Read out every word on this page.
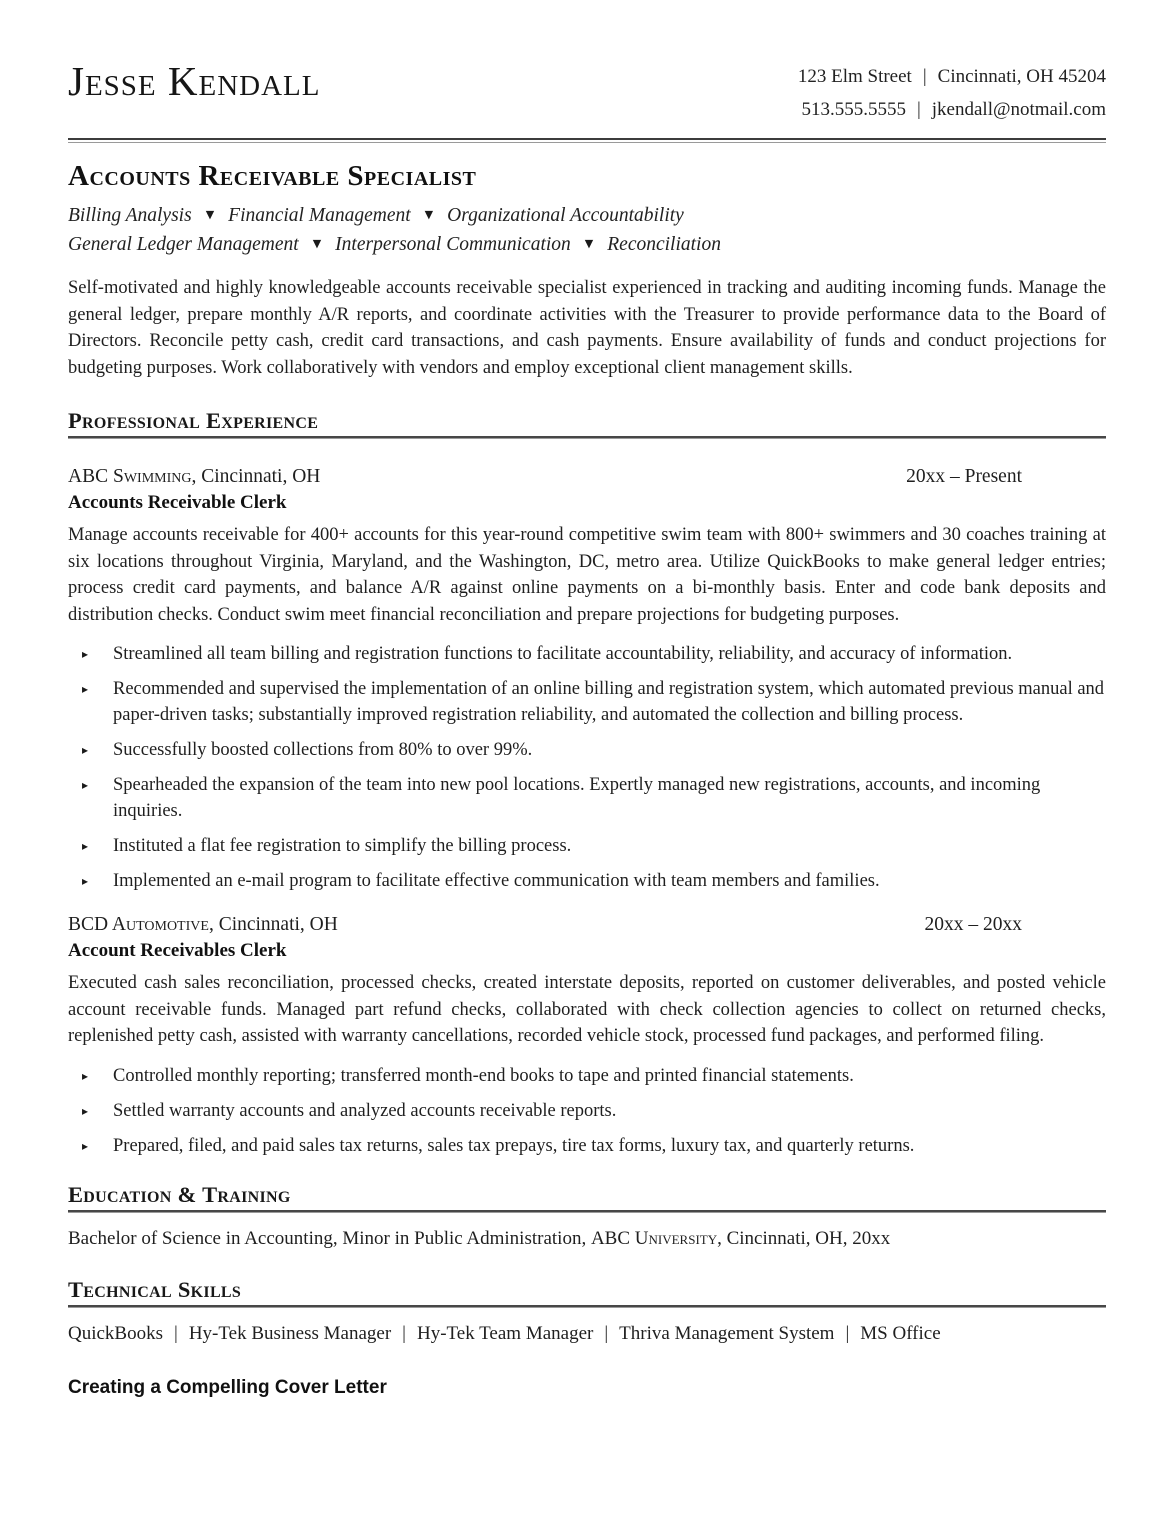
Jesse Kendall	123 Elm Street | Cincinnati, OH 45204
513.555.5555 | jkendall@notmail.com
Accounts Receivable Specialist
Billing Analysis ▼ Financial Management ▼ Organizational Accountability
General Ledger Management ▼ Interpersonal Communication ▼ Reconciliation

Self-motivated and highly knowledgeable accounts receivable specialist experienced in tracking and auditing incoming funds. Manage the general ledger, prepare monthly A/R reports, and coordinate activities with the Treasurer to provide performance data to the Board of Directors. Reconcile petty cash, credit card transactions, and cash payments. Ensure availability of funds and conduct projections for budgeting purposes. Work collaboratively with vendors and employ exceptional client management skills.

Professional Experience
ABC Swimming, Cincinnati, OH	20xx – Present
Accounts Receivable Clerk

Manage accounts receivable for 400+ accounts for this year-round competitive swim team with 800+ swimmers and 30 coaches training at six locations throughout Virginia, Maryland, and the Washington, DC, metro area. Utilize QuickBooks to make general ledger entries; process credit card payments, and balance A/R against online payments on a bi-monthly basis. Enter and code bank deposits and distribution checks. Conduct swim meet financial reconciliation and prepare projections for budgeting purposes.

▸	Streamlined all team billing and registration functions to facilitate accountability, reliability, and accuracy of information.
▸	Recommended and supervised the implementation of an online billing and registration system, which automated previous manual and paper-driven tasks; substantially improved registration reliability, and automated the collection and billing process.
▸	Successfully boosted collections from 80% to over 99%.
▸	Spearheaded the expansion of the team into new pool locations. Expertly managed new registrations, accounts, and incoming inquiries.
▸	Instituted a flat fee registration to simplify the billing process.
▸	Implemented an e-mail program to facilitate effective communication with team members and families.
BCD Automotive, Cincinnati, OH	20xx – 20xx
Account Receivables Clerk

Executed cash sales reconciliation, processed checks, created interstate deposits, reported on customer deliverables, and posted vehicle account receivable funds. Managed part refund checks, collaborated with check collection agencies to collect on returned checks, replenished petty cash, assisted with warranty cancellations, recorded vehicle stock, processed fund packages, and performed filing.

▸	Controlled monthly reporting; transferred month-end books to tape and printed financial statements.
▸	Settled warranty accounts and analyzed accounts receivable reports.
▸	Prepared, filed, and paid sales tax returns, sales tax prepays, tire tax forms, luxury tax, and quarterly returns.
Education & Training

Bachelor of Science in Accounting, Minor in Public Administration, ABC University, Cincinnati, OH, 20xx

Technical Skills

QuickBooks | Hy-Tek Business Manager | Hy-Tek Team Manager | Thriva Management System | MS Office

Creating a Compelling Cover Letter
